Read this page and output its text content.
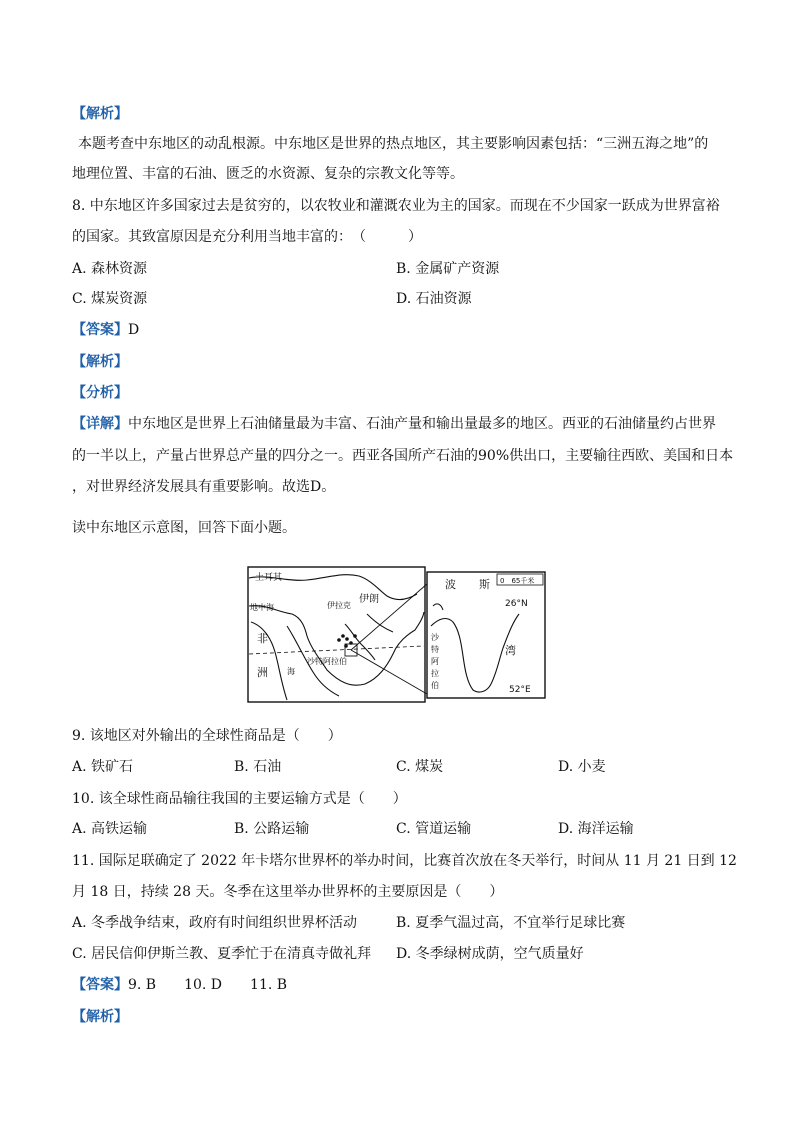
【解析】
本题考查中东地区的动乱根源。中东地区是世界的热点地区，其主要影响因素包括：“三洲五海之地”的
地理位置、丰富的石油、匮乏的水资源、复杂的宗教文化等等。
8. 中东地区许多国家过去是贫穷的，以农牧业和灌溉农业为主的国家。而现在不少国家一跃成为世界富裕
的国家。其致富原因是充分利用当地丰富的：　（　　　）
A. 森林资源	B. 金属矿产资源
C. 煤炭资源	D. 石油资源
【答案】D
【解析】
【分析】
【详解】中东地区是世界上石油储量最为丰富、石油产量和输出量最多的地区。西亚的石油储量约占世界
的一半以上，产量占世界总产量的四分之一。西亚各国所产石油的90%供出口，主要输往西欧、美国和日本
，对世界经济发展具有重要影响。故选D。
读中东地区示意图，回答下面小题。
土耳其
地中海	伊拉克
伊朗
非
洲
沙特阿拉伯
海
波 斯
湾
沙
特
阿
拉
伯
26°N
52°E
0　65千米
9. 该地区对外输出的全球性商品是（　　）
A. 铁矿石	B. 石油	C. 煤炭	D. 小麦
10. 该全球性商品输往我国的主要运输方式是（　　）
A. 高铁运输	B. 公路运输	C. 管道运输	D. 海洋运输
11. 国际足联确定了 2022 年卡塔尔世界杯的举办时间，比赛首次放在冬天举行，时间从 11 月 21 日到 12
月 18 日，持续 28 天。冬季在这里举办世界杯的主要原因是（　　）
A. 冬季战争结束，政府有时间组织世界杯活动	B. 夏季气温过高，不宜举行足球比赛
C. 居民信仰伊斯兰教、夏季忙于在清真寺做礼拜 D. 冬季绿树成荫，空气质量好
【答案】9. B　　10. D　　11. B
【解析】
